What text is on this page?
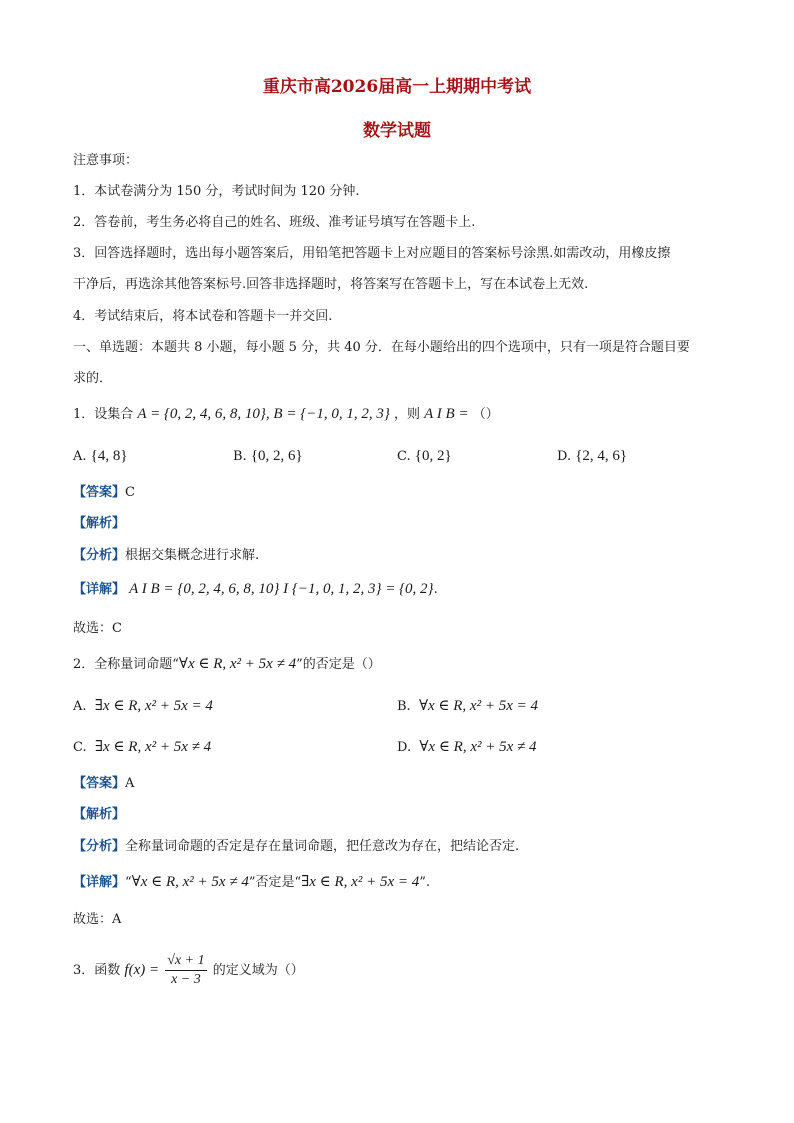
重庆市高2026届高一上期期中考试
数学试题
注意事项：
1．本试卷满分为 150 分，考试时间为 120 分钟.
2．答卷前，考生务必将自己的姓名、班级、准考证号填写在答题卡上.
3．回答选择题时，选出每小题答案后，用铅笔把答题卡上对应题目的答案标号涂黑.如需改动，用橡皮擦
干净后，再选涂其他答案标号.回答非选择题时，将答案写在答题卡上，写在本试卷上无效.
4．考试结束后，将本试卷和答题卡一并交回.
一、单选题：本题共 8 小题，每小题 5 分，共 40 分．在每小题给出的四个选项中，只有一项是符合题目要
求的．
1．设集合 A = {0, 2, 4, 6, 8, 10}, B = {−1, 0, 1, 2, 3} ，则 A I B = （）
A. {4, 8}	B. {0, 2, 6}	C. {0, 2}	D. {2, 4, 6}
【答案】C
【解析】
【分析】根据交集概念进行求解.
【详解】 A I B = {0, 2, 4, 6, 8, 10} I {−1, 0, 1, 2, 3} = {0, 2}.
故选：C
2．全称量词命题“∀x ∈ R, x² + 5x ≠ 4”的否定是（）
A. ∃x ∈ R, x² + 5x = 4	B. ∀x ∈ R, x² + 5x = 4
C. ∃x ∈ R, x² + 5x ≠ 4	D. ∀x ∈ R, x² + 5x ≠ 4
【答案】A
【解析】
【分析】全称量词命题的否定是存在量词命题，把任意改为存在，把结论否定.
【详解】“∀x ∈ R, x² + 5x ≠ 4”否定是“∃x ∈ R, x² + 5x = 4”.
故选：A
3．函数 $f(x) = \frac{√x + 1}{x - 3}$ 的定义域为（）
